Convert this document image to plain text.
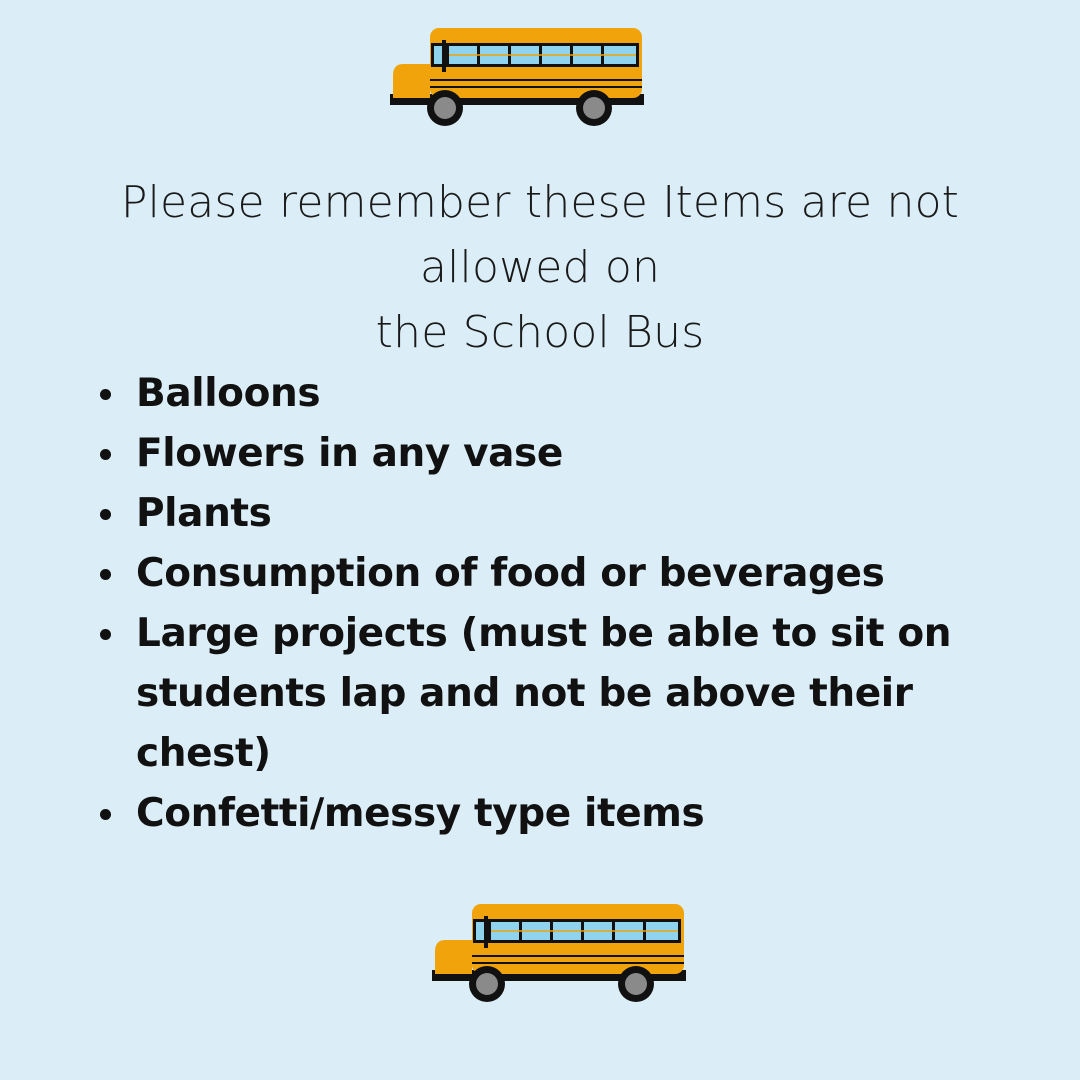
Please remember these Items are not
allowed on
the School Bus
Balloons
Flowers in any vase
Plants
Consumption of food or beverages
Large projects (must be able to sit on students lap and not be above their chest)
Confetti/messy type items
